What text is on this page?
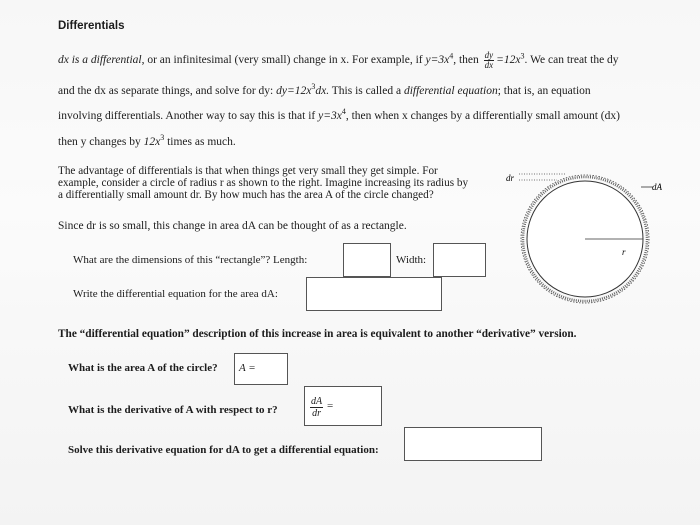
Differentials
dx is a differential, or an infinitesimal (very small) change in x. For example, if $y=3x^4$, then $\frac{dy}{dx} =12x^3$. We can treat the dy
and the dx as separate things, and solve for dy: $dy=12x^3dx$. This is called a differential equation; that is, an equation
involving differentials. Another way to say this is that if $y=3x^4$, then when x changes by a differentially small amount (dx)
then y changes by $12x^3$ times as much.
The advantage of differentials is that when things get very small they get simple. For
example, consider a circle of radius r as shown to the right. Imagine increasing its radius by
a differentially small amount dr. By how much has the area A of the circle changed?
Since dr is so small, this change in area dA can be thought of as a rectangle.
What are the dimensions of this “rectangle”? Length:	Width:
Write the differential equation for the area dA:
The “differential equation” description of this increase in area is equivalent to another “derivative” version.
What is the area A of the circle? A =
What is the derivative of A with respect to r?	$\frac{dA}{dr}$ =
Solve this derivative equation for dA to get a differential equation:
dr
dA
r
